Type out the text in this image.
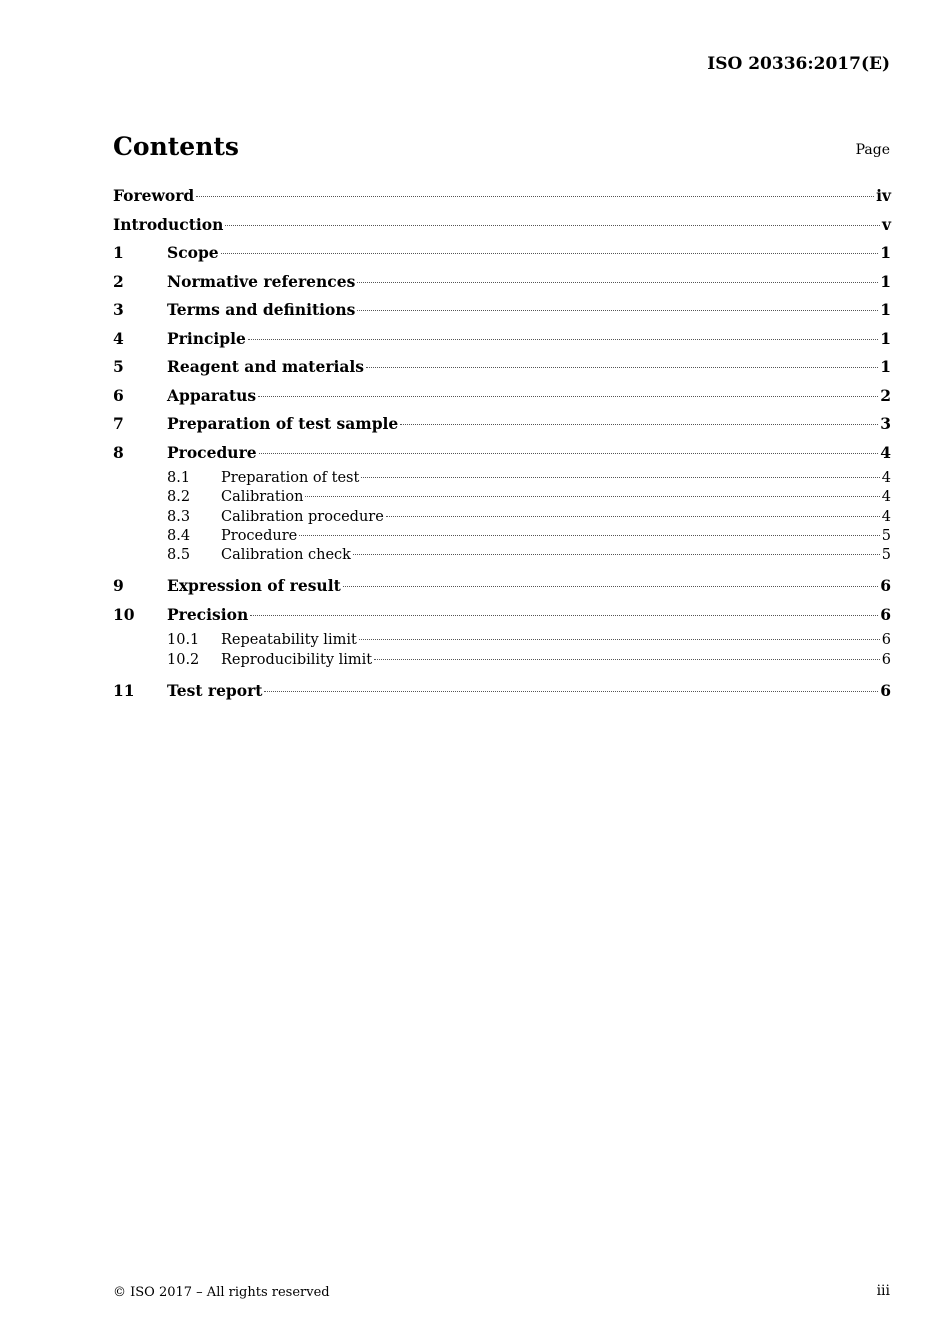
ISO 20336:2017(E)
Contents	Page
Foreword	iv
Introduction	v
1	Scope	1
2	Normative references	1
3	Terms and definitions	1
4	Principle	1
5	Reagent and materials	1
6	Apparatus	2
7	Preparation of test sample	3
8	Procedure	4
8.1	Preparation of test	4
8.2	Calibration	4
8.3	Calibration procedure	4
8.4	Procedure	5
8.5	Calibration check	5
9	Expression of result	6
10	Precision	6
10.1	Repeatability limit	6
10.2	Reproducibility limit	6
11	Test report	6
© ISO 2017 – All rights reserved	iii
